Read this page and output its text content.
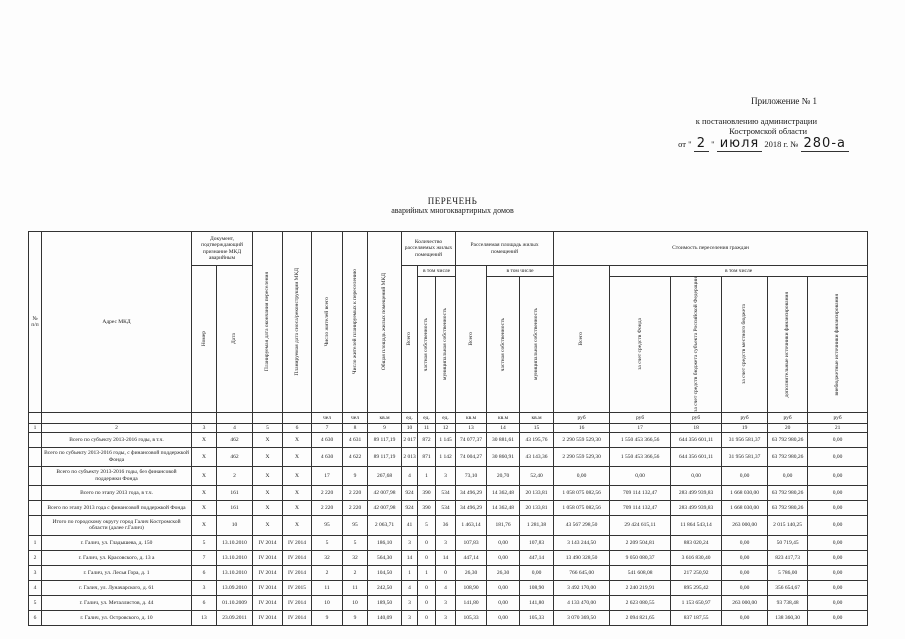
Приложение № 1
к постановлению администрации
Костромской области
от " 2 " июля 2018 г. № 280-а
ПЕРЕЧЕНЬ
аварийных многоквартирных домов
№ п/п	Адрес МКД	Документ, подтверждающий признание МКД аварийным		Планируемая дата окончания переселения	Планируемая дата сноса/реконструкции МКД	Число жителей всего	Число жителей планируемых к переселению	Общая площадь жилых помещений МКД	Количество расселяемых жилых помещений			Расселяемая площадь жилых помещений			Стоимость переселения граждан					

		Номер	Дата						Всего	в том числе		Всего	в том числе		Всего	в том числе				

										частная собственность	муниципальная собственность		частная собственность	муниципальная собственность		за счет средств Фонда	за счет средств бюджета субъекта Российской Федерации	за счет средств местного бюджета	дополнительные источники финансирования	внебюджетные источники финансирования

						чел	чел	кв.м	ед.	ед.	ед.	кв.м	кв.м	кв.м	руб	руб	руб	руб	руб	руб
1	2	3	4	5	6	7	8	9	10	11	12	13	14	15	16	17	18	19	20	21
	Всего по субъекту 2013-2016 годы, в т.ч.	X	462	X	X	4 630	4 631	89 117,19	2 017	872	1 145	74 077,37	30 881,61	43 195,76	2 290 559 529,30	1 550 453 366,56	644 356 601,11	31 956 581,37	63 792 980,26	0,00
	Всего по субъекту 2013-2016 годы, с финансовой поддержкой Фонда	X	462	X	X	4 630	4 622	89 117,19	2 013	871	1 142	74 004,27	30 860,91	43 143,36	2 290 559 529,30	1 550 453 366,56	644 356 601,11	31 956 581,37	63 792 980,26	0,00
	Всего по субъекту 2013-2016 годы, без финансовой поддержки Фонда	X	2	X	X	17	9	267,68	4	1	3	73,10	20,70	52,40	0,00	0,00	0,00	0,00	0,00	0,00
	Всего по этапу 2013 года, в т.ч.	X	161	X	X	2 220	2 220	42 007,98	924	390	534	34 496,29	14 362,48	20 133,81	1 058 075 082,56	709 114 132,47	283 499 939,83	1 668 030,00	63 792 980,26	0,00
	Всего по этапу 2013 года с финансовой поддержкой Фонда	X	161	X	X	2 220	2 220	42 007,98	924	390	534	34 496,29	14 362,48	20 133,81	1 058 075 082,56	709 114 132,47	283 499 939,83	1 668 030,00	63 792 980,26	0,00
	Итого по городскому округу город Галич Костромской области (далее г.Галич)	X	10	X	X	95	95	2 063,71	41	5	36	1 463,14	181,76	1 281,38	43 567 298,50	29 424 615,11	11 864 543,14	263 000,00	2 015 140,25	0,00
1	г. Галич, ул. Гладышева, д. 150	5	13.10.2010	IV 2014	IV 2014	5	5	186,10	3	0	3	107,83	0,00	107,83	3 143 244,50	2 209 504,81	883 020,24	0,00	50 719,45	0,00
2	г. Галич, ул. Красовского, д. 13 а	7	13.10.2010	IV 2014	IV 2014	32	32	564,30	14	0	14	447,14	0,00	447,14	13 490 328,50	9 050 080,37	3 616 830,40	0,00	823 417,73	0,00
3	г. Галич, ул. Лесья Гора, д. 1	6	13.10.2010	IV 2014	IV 2014	2	2	104,50	1	1	0	26,30	26,30	0,00	766 645,00	541 608,08	217 250,92	0,00	5 786,00	0,00
4	г. Галич, ул. Луначарского, д. 61	3	13.09.2010	IV 2014	IV 2015	11	11	242,50	4	0	4	108,90	0,00	108,90	3 492 170,00	2 240 219,91	895 295,42	0,00	356 654,67	0,00
5	г. Галич, ул. Металлистов, д. 44	6	01.10.2009	IV 2014	IV 2014	10	10	189,50	3	0	3	141,80	0,00	141,80	4 133 470,00	2 623 080,55	1 153 650,97	263 000,00	93 738,48	0,00
6	г. Галич, ул. Островского, д. 10	13	23.09.2011	IV 2014	IV 2014	9	9	140,09	3	0	3	105,33	0,00	105,33	3 070 369,50	2 094 821,65	837 187,55	0,00	138 360,30	0,00
